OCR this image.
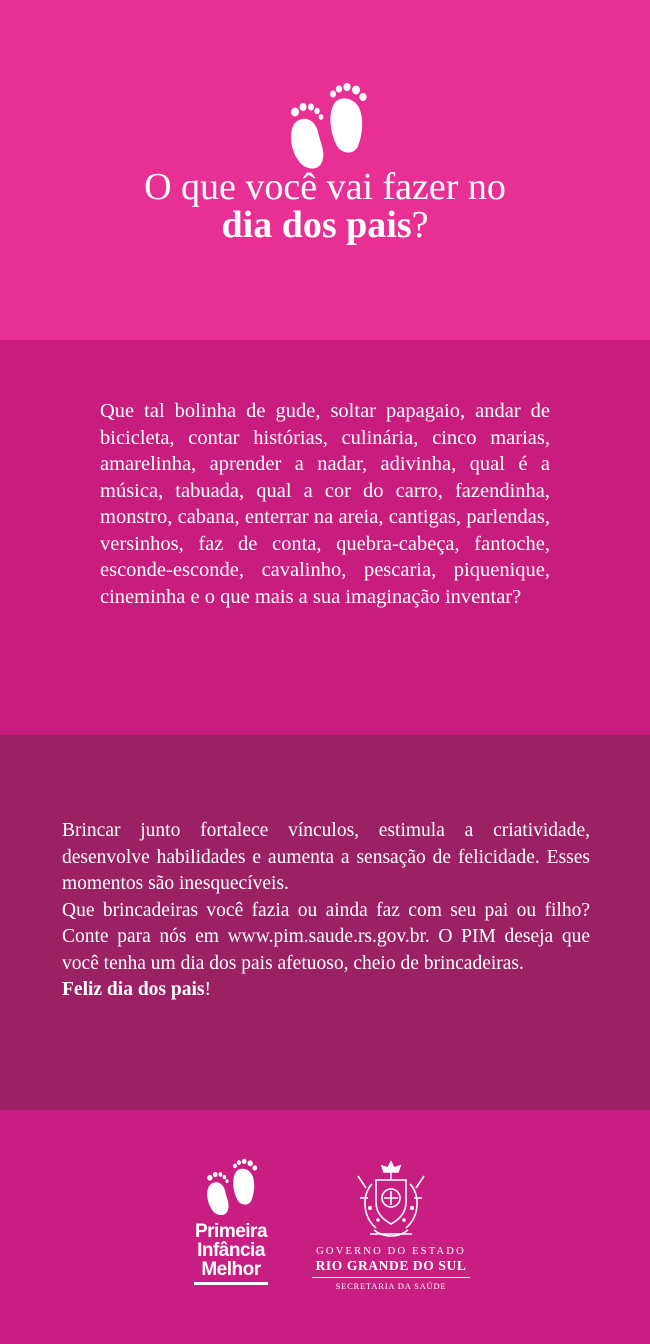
O que você vai fazer no
dia dos pais?
Que tal bolinha de gude, soltar papagaio, andar de bicicleta, contar histórias, culinária, cinco marias, amarelinha, aprender a nadar, adivinha, qual é a música, tabuada, qual a cor do carro, fazendinha, monstro, cabana, enterrar na areia, cantigas, parlendas, versinhos, faz de conta, quebra-cabeça, fantoche, esconde-esconde, cavalinho, pescaria, piquenique, cineminha e o que mais a sua imaginação inventar?

Brincar junto fortalece vínculos, estimula a criatividade, desenvolve habilidades e aumenta a sensação de felicidade. Esses momentos são inesquecíveis.

Que brincadeiras você fazia ou ainda faz com seu pai ou filho? Conte para nós em www.pim.saude.rs.gov.br. O PIM deseja que você tenha um dia dos pais afetuoso, cheio de brincadeiras.

Feliz dia dos pais!

Primeira
Infância
Melhor
GOVERNO DO ESTADO
RIO GRANDE DO SUL
SECRETARIA DA SAÚDE
